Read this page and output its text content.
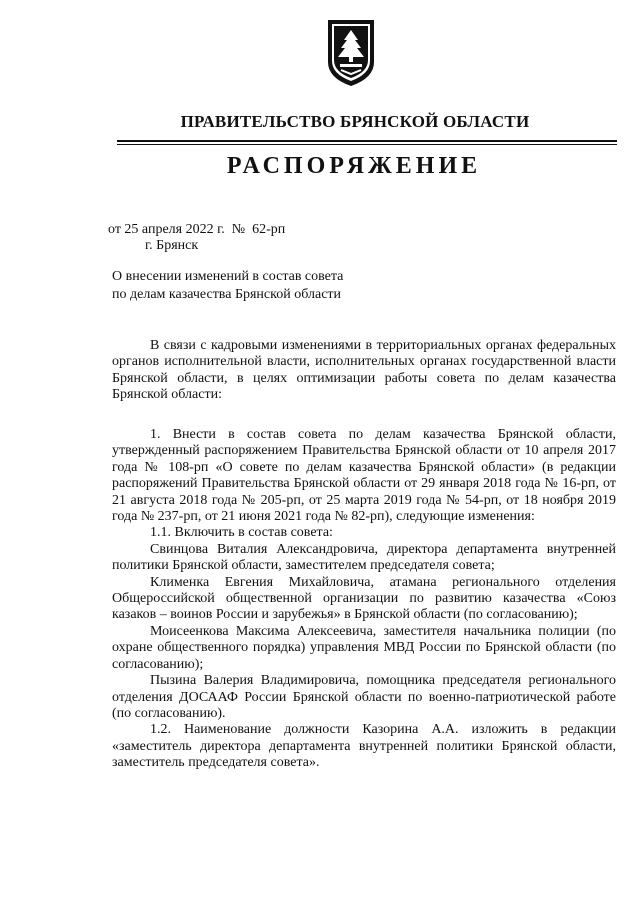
ПРАВИТЕЛЬСТВО БРЯНСКОЙ ОБЛАСТИ
РАСПОРЯЖЕНИЕ
от 25 апреля 2022 г.  №  62-рп
г. Брянск
О внесении изменений в состав совета
по делам казачества Брянской области

В связи с кадровыми изменениями в территориальных органах федеральных органов исполнительной власти, исполнительных органах государственной власти Брянской области, в целях оптимизации работы совета по делам казачества Брянской области:

1. Внести в состав совета по делам казачества Брянской области, утвержденный распоряжением Правительства Брянской области от 10 апреля 2017 года № 108-рп «О совете по делам казачества Брянской области» (в редакции распоряжений Правительства Брянской области от 29 января 2018 года № 16-рп, от 21 августа 2018 года № 205-рп, от 25 марта 2019 года № 54-рп, от 18 ноября 2019 года № 237-рп, от 21 июня 2021 года № 82-рп), следующие изменения:

1.1. Включить в состав совета:

Свинцова Виталия Александровича, директора департамента внутренней политики Брянской области, заместителем председателя совета;

Клименка Евгения Михайловича, атамана регионального отделения Общероссийской общественной организации по развитию казачества «Союз казаков – воинов России и зарубежья» в Брянской области (по согласованию);

Моисеенкова Максима Алексеевича, заместителя начальника полиции (по охране общественного порядка) управления МВД России по Брянской области (по согласованию);

Пызина Валерия Владимировича, помощника председателя регионального отделения ДОСААФ России Брянской области по военно-патриотической работе (по согласованию).

1.2. Наименование должности Казорина А.А. изложить в редакции «заместитель директора департамента внутренней политики Брянской области, заместитель председателя совета».
